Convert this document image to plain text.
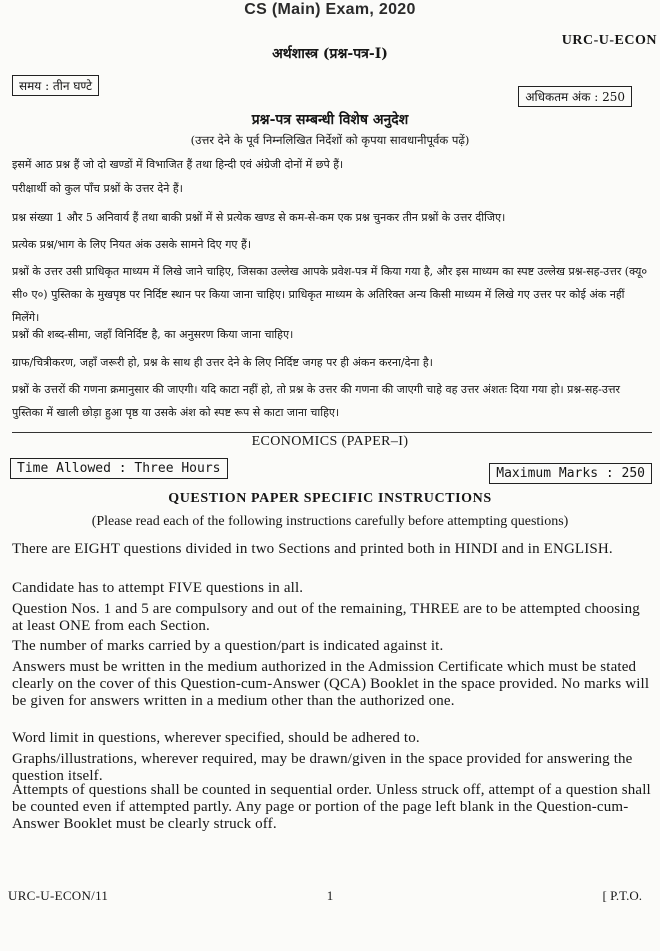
CS (Main) Exam, 2020
URC-U-ECON
अर्थशास्त्र (प्रश्न-पत्र-I)
समय : तीन घण्टे
अधिकतम अंक : 250
प्रश्न-पत्र सम्बन्धी विशेष अनुदेश
(उत्तर देने के पूर्व निम्नलिखित निर्देशों को कृपया सावधानीपूर्वक पढ़ें)

इसमें आठ प्रश्न हैं जो दो खण्डों में विभाजित हैं तथा हिन्दी एवं अंग्रेजी दोनों में छपे हैं।

परीक्षार्थी को कुल पाँच प्रश्नों के उत्तर देने हैं।

प्रश्न संख्या 1 और 5 अनिवार्य हैं तथा बाकी प्रश्नों में से प्रत्येक खण्ड से कम-से-कम एक प्रश्न चुनकर तीन प्रश्नों के उत्तर दीजिए।

प्रत्येक प्रश्न/भाग के लिए नियत अंक उसके सामने दिए गए हैं।

प्रश्नों के उत्तर उसी प्राधिकृत माध्यम में लिखे जाने चाहिए, जिसका उल्लेख आपके प्रवेश-पत्र में किया गया है, और इस माध्यम का स्पष्ट उल्लेख प्रश्न-सह-उत्तर (क्यू० सी० ए०) पुस्तिका के मुखपृष्ठ पर निर्दिष्ट स्थान पर किया जाना चाहिए। प्राधिकृत माध्यम के अतिरिक्त अन्य किसी माध्यम में लिखे गए उत्तर पर कोई अंक नहीं मिलेंगे।

प्रश्नों की शब्द-सीमा, जहाँ विनिर्दिष्ट है, का अनुसरण किया जाना चाहिए।

ग्राफ/चित्रीकरण, जहाँ जरूरी हो, प्रश्न के साथ ही उत्तर देने के लिए निर्दिष्ट जगह पर ही अंकन करना/देना है।

प्रश्नों के उत्तरों की गणना क्रमानुसार की जाएगी। यदि काटा नहीं हो, तो प्रश्न के उत्तर की गणना की जाएगी चाहे वह उत्तर अंशतः दिया गया हो। प्रश्न-सह-उत्तर पुस्तिका में खाली छोड़ा हुआ पृष्ठ या उसके अंश को स्पष्ट रूप से काटा जाना चाहिए।

ECONOMICS (PAPER–I)
Time Allowed : Three Hours	Maximum Marks : 250
QUESTION PAPER SPECIFIC INSTRUCTIONS
(Please read each of the following instructions carefully before attempting questions)

There are EIGHT questions divided in two Sections and printed both in HINDI and in ENGLISH.

Candidate has to attempt FIVE questions in all.

Question Nos. 1 and 5 are compulsory and out of the remaining, THREE are to be attempted choosing at least ONE from each Section.

The number of marks carried by a question/part is indicated against it.

Answers must be written in the medium authorized in the Admission Certificate which must be stated clearly on the cover of this Question-cum-Answer (QCA) Booklet in the space provided. No marks will be given for answers written in a medium other than the authorized one.

Word limit in questions, wherever specified, should be adhered to.

Graphs/illustrations, wherever required, may be drawn/given in the space provided for answering the question itself.

Attempts of questions shall be counted in sequential order. Unless struck off, attempt of a question shall be counted even if attempted partly. Any page or portion of the page left blank in the Question-cum-Answer Booklet must be clearly struck off.

URC-U-ECON/11	1	[ P.T.O.
